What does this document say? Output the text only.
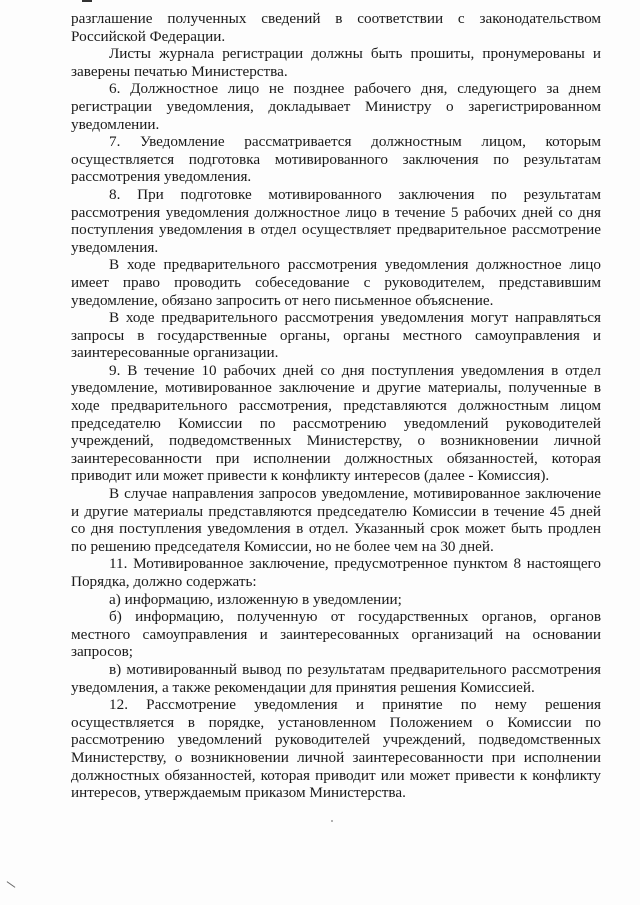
разглашение полученных сведений в соответствии с законодательством Российской Федерации.

Листы журнала регистрации должны быть прошиты, пронумерованы и заверены печатью Министерства.

6. Должностное лицо не позднее рабочего дня, следующего за днем регистрации уведомления, докладывает Министру о зарегистрированном уведомлении.

7. Уведомление рассматривается должностным лицом, которым осуществляется подготовка мотивированного заключения по результатам рассмотрения уведомления.

8. При подготовке мотивированного заключения по результатам рассмотрения уведомления должностное лицо в течение 5 рабочих дней со дня поступления уведомления в отдел осуществляет предварительное рассмотрение уведомления.

В ходе предварительного рассмотрения уведомления должностное лицо имеет право проводить собеседование с руководителем, представившим уведомление, обязано запросить от него письменное объяснение.

В ходе предварительного рассмотрения уведомления могут направляться запросы в государственные органы, органы местного самоуправления и заинтересованные организации.

9. В течение 10 рабочих дней со дня поступления уведомления в отдел уведомление, мотивированное заключение и другие материалы, полученные в ходе предварительного рассмотрения, представляются должностным лицом председателю Комиссии по рассмотрению уведомлений руководителей учреждений, подведомственных Министерству, о возникновении личной заинтересованности при исполнении должностных обязанностей, которая приводит или может привести к конфликту интересов (далее - Комиссия).

В случае направления запросов уведомление, мотивированное заключение и другие материалы представляются председателю Комиссии в течение 45 дней со дня поступления уведомления в отдел. Указанный срок может быть продлен по решению председателя Комиссии, но не более чем на 30 дней.

11. Мотивированное заключение, предусмотренное пунктом 8 настоящего Порядка, должно содержать:

а) информацию, изложенную в уведомлении;

б) информацию, полученную от государственных органов, органов местного самоуправления и заинтересованных организаций на основании запросов;

в) мотивированный вывод по результатам предварительного рассмотрения уведомления, а также рекомендации для принятия решения Комиссией.

12. Рассмотрение уведомления и принятие по нему решения осуществляется в порядке, установленном Положением о Комиссии по рассмотрению уведомлений руководителей учреждений, подведомственных Министерству, о возникновении личной заинтересованности при исполнении должностных обязанностей, которая приводит или может привести к конфликту интересов, утверждаемым приказом Министерства.
